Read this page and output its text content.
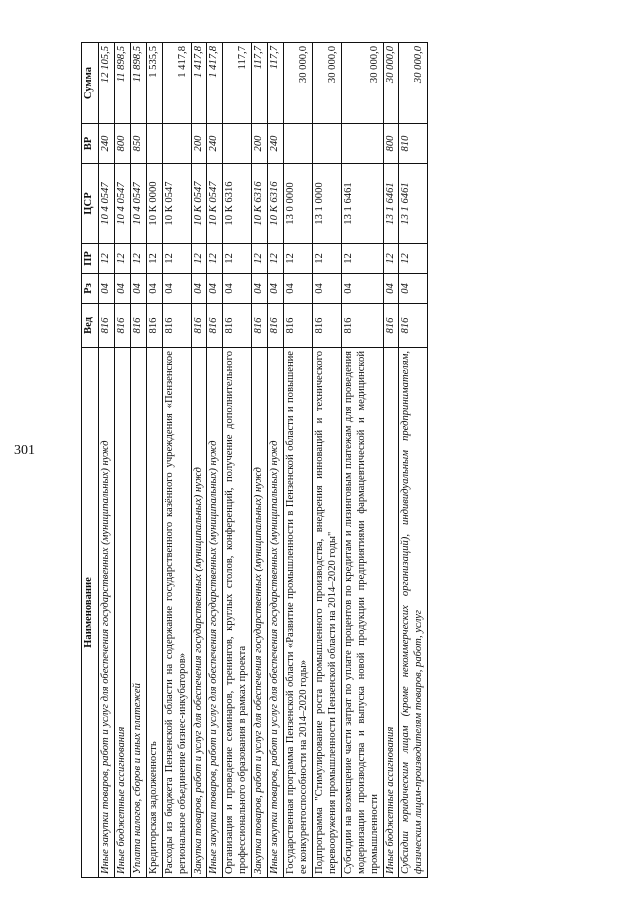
301
Наименование	Вед	Рз	ПР	ЦСР	ВР	Сумма
Иные закупки товаров, работ и услуг для обеспечения государственных (муниципальных) нужд	816	04	12	10 4 0547	240	12 105,5
Иные бюджетные ассигнования	816	04	12	10 4 0547	800	11 898,5
Уплата налогов, сборов и иных платежей	816	04	12	10 4 0547	850	11 898,5
Кредиторская задолженность	816	04	12	10 К 0000		1 535,5
Расходы из бюджета Пензенской области на содержание государственного казённого учреждения «Пензенское региональное объединение бизнес-инкубаторов»	816	04	12	10 К 0547		1 417,8
Закупка товаров, работ и услуг для обеспечения государственных (муниципальных) нужд	816	04	12	10 К 0547	200	1 417,8
Иные закупки товаров, работ и услуг для обеспечения государственных (муниципальных) нужд	816	04	12	10 К 0547	240	1 417,8
Организация и проведение семинаров, тренингов, круглых столов, конференций, получение дополнительного профессионального образования в рамках проекта	816	04	12	10 К 6316		117,7
Закупка товаров, работ и услуг для обеспечения государственных (муниципальных) нужд	816	04	12	10 К 6316	200	117,7
Иные закупки товаров, работ и услуг для обеспечения государственных (муниципальных) нужд	816	04	12	10 К 6316	240	117,7
Государственная программа Пензенской области «Развитие промышленности в Пензенской области и повышение ее конкурентоспособности на 2014–2020 годы»	816	04	12	13 0 0000		30 000,0
Подпрограмма "Стимулирование роста промышленного производства, внедрения инноваций и технического перевооружения промышленности Пензенской области на 2014–2020 годы"	816	04	12	13 1 0000		30 000,0
Субсидии на возмещение части затрат по уплате процентов по кредитам и лизинговым платежам для проведения модернизации производства и выпуска новой продукции предприятиями фармацевтической и медицинской промышленности	816	04	12	13 1 6461		30 000,0
Иные бюджетные ассигнования	816	04	12	13 1 6461	800	30 000,0
Субсидии юридическим лицам (кроме некоммерческих организаций), индивидуальным предпринимателям, физическим лицам-производителям товаров, работ, услуг	816	04	12	13 1 6461	810	30 000,0
